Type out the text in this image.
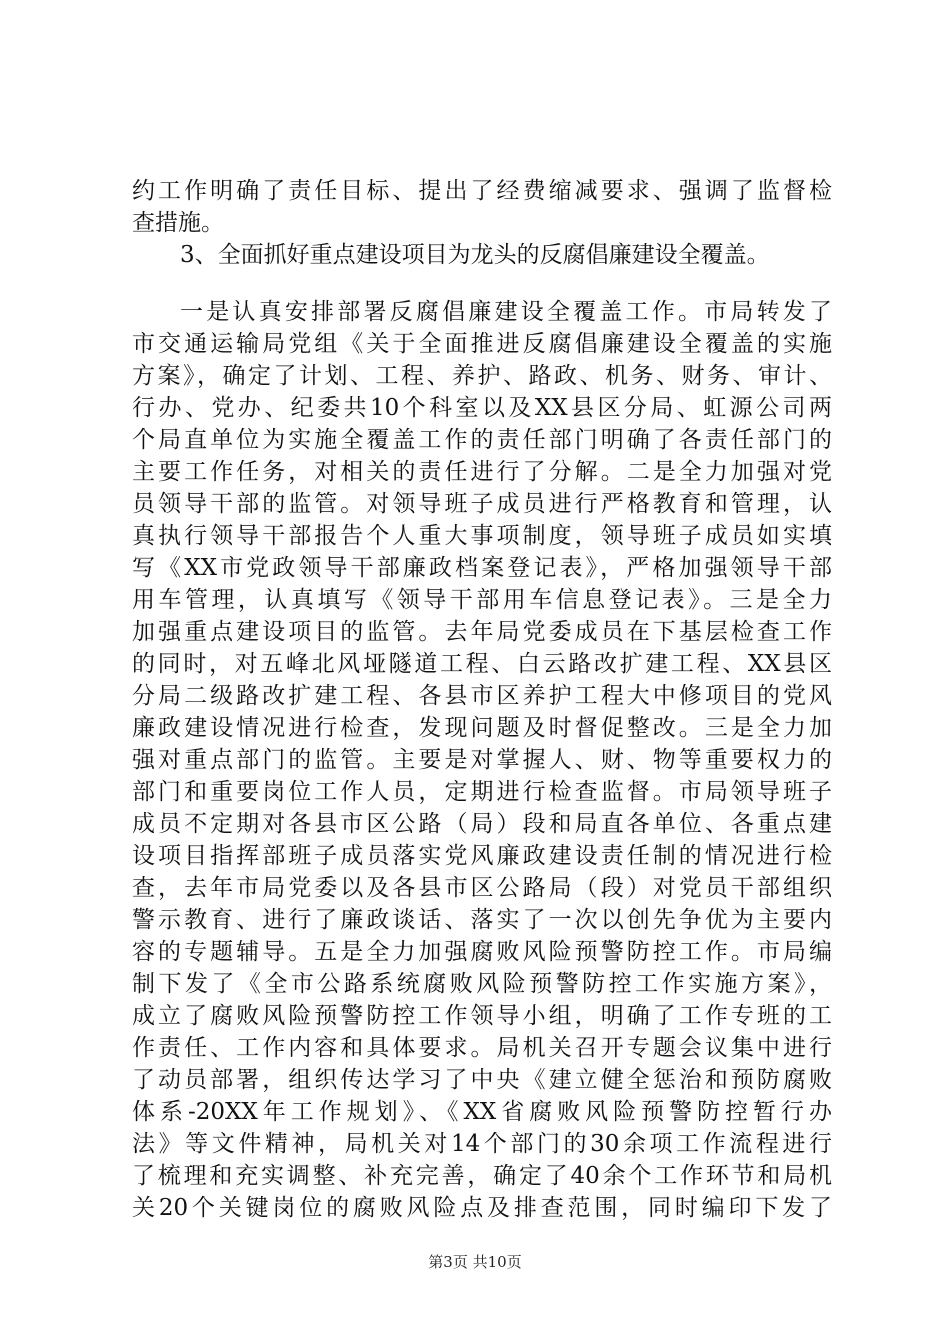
约工作明确了责任目标、提出了经费缩减要求、强调了监督检
查措施。
3、全面抓好重点建设项目为龙头的反腐倡廉建设全覆盖。
一是认真安排部署反腐倡廉建设全覆盖工作。市局转发了
市交通运输局党组《关于全面推进反腐倡廉建设全覆盖的实施
方案》，确定了计划、工程、养护、路政、机务、财务、审计、
行办、党办、纪委共10个科室以及XX县区分局、虹源公司两
个局直单位为实施全覆盖工作的责任部门明确了各责任部门的
主要工作任务，对相关的责任进行了分解。二是全力加强对党
员领导干部的监管。对领导班子成员进行严格教育和管理，认
真执行领导干部报告个人重大事项制度，领导班子成员如实填
写《XX市党政领导干部廉政档案登记表》，严格加强领导干部
用车管理，认真填写《领导干部用车信息登记表》。三是全力
加强重点建设项目的监管。去年局党委成员在下基层检查工作
的同时，对五峰北风垭隧道工程、白云路改扩建工程、XX县区
分局二级路改扩建工程、各县市区养护工程大中修项目的党风
廉政建设情况进行检查，发现问题及时督促整改。三是全力加
强对重点部门的监管。主要是对掌握人、财、物等重要权力的
部门和重要岗位工作人员，定期进行检查监督。市局领导班子
成员不定期对各县市区公路（局）段和局直各单位、各重点建
设项目指挥部班子成员落实党风廉政建设责任制的情况进行检
查，去年市局党委以及各县市区公路局（段）对党员干部组织
警示教育、进行了廉政谈话、落实了一次以创先争优为主要内
容的专题辅导。五是全力加强腐败风险预警防控工作。市局编
制下发了《全市公路系统腐败风险预警防控工作实施方案》，
成立了腐败风险预警防控工作领导小组，明确了工作专班的工
作责任、工作内容和具体要求。局机关召开专题会议集中进行
了动员部署，组织传达学习了中央《建立健全惩治和预防腐败
体系-20XX年工作规划》、《XX省腐败风险预警防控暂行办
法》等文件精神，局机关对14个部门的30余项工作流程进行
了梳理和充实调整、补充完善，确定了40余个工作环节和局机
关20个关键岗位的腐败风险点及排查范围，同时编印下发了
第3页 共10页
